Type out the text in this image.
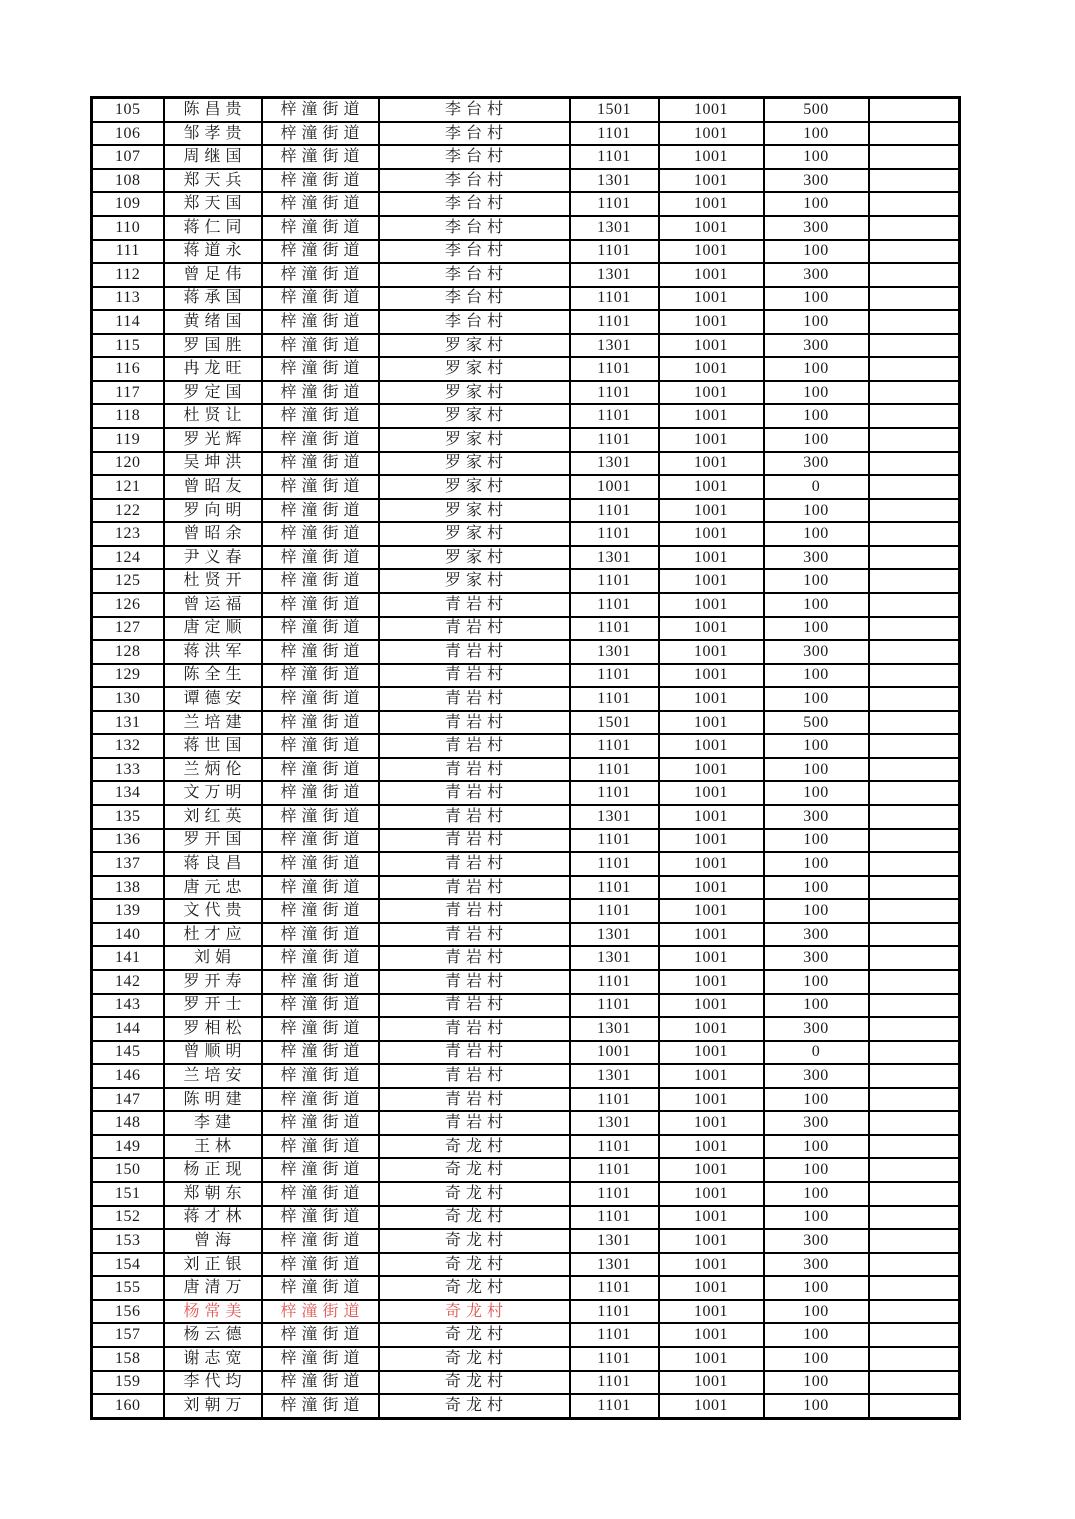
105	陈昌贵	梓潼街道	李台村	1501	1001	500	
106	邹孝贵	梓潼街道	李台村	1101	1001	100	
107	周继国	梓潼街道	李台村	1101	1001	100	
108	郑天兵	梓潼街道	李台村	1301	1001	300	
109	郑天国	梓潼街道	李台村	1101	1001	100	
110	蒋仁同	梓潼街道	李台村	1301	1001	300	
111	蒋道永	梓潼街道	李台村	1101	1001	100	
112	曾足伟	梓潼街道	李台村	1301	1001	300	
113	蒋承国	梓潼街道	李台村	1101	1001	100	
114	黄绪国	梓潼街道	李台村	1101	1001	100	
115	罗国胜	梓潼街道	罗家村	1301	1001	300	
116	冉龙旺	梓潼街道	罗家村	1101	1001	100	
117	罗定国	梓潼街道	罗家村	1101	1001	100	
118	杜贤让	梓潼街道	罗家村	1101	1001	100	
119	罗光辉	梓潼街道	罗家村	1101	1001	100	
120	吴坤洪	梓潼街道	罗家村	1301	1001	300	
121	曾昭友	梓潼街道	罗家村	1001	1001	0	
122	罗向明	梓潼街道	罗家村	1101	1001	100	
123	曾昭余	梓潼街道	罗家村	1101	1001	100	
124	尹义春	梓潼街道	罗家村	1301	1001	300	
125	杜贤开	梓潼街道	罗家村	1101	1001	100	
126	曾运福	梓潼街道	青岩村	1101	1001	100	
127	唐定顺	梓潼街道	青岩村	1101	1001	100	
128	蒋洪军	梓潼街道	青岩村	1301	1001	300	
129	陈全生	梓潼街道	青岩村	1101	1001	100	
130	谭德安	梓潼街道	青岩村	1101	1001	100	
131	兰培建	梓潼街道	青岩村	1501	1001	500	
132	蒋世国	梓潼街道	青岩村	1101	1001	100	
133	兰炳伦	梓潼街道	青岩村	1101	1001	100	
134	文万明	梓潼街道	青岩村	1101	1001	100	
135	刘红英	梓潼街道	青岩村	1301	1001	300	
136	罗开国	梓潼街道	青岩村	1101	1001	100	
137	蒋良昌	梓潼街道	青岩村	1101	1001	100	
138	唐元忠	梓潼街道	青岩村	1101	1001	100	
139	文代贵	梓潼街道	青岩村	1101	1001	100	
140	杜才应	梓潼街道	青岩村	1301	1001	300	
141	刘娟	梓潼街道	青岩村	1301	1001	300	
142	罗开寿	梓潼街道	青岩村	1101	1001	100	
143	罗开士	梓潼街道	青岩村	1101	1001	100	
144	罗相松	梓潼街道	青岩村	1301	1001	300	
145	曾顺明	梓潼街道	青岩村	1001	1001	0	
146	兰培安	梓潼街道	青岩村	1301	1001	300	
147	陈明建	梓潼街道	青岩村	1101	1001	100	
148	李建	梓潼街道	青岩村	1301	1001	300	
149	王林	梓潼街道	奇龙村	1101	1001	100	
150	杨正现	梓潼街道	奇龙村	1101	1001	100	
151	郑朝东	梓潼街道	奇龙村	1101	1001	100	
152	蒋才林	梓潼街道	奇龙村	1101	1001	100	
153	曾海	梓潼街道	奇龙村	1301	1001	300	
154	刘正银	梓潼街道	奇龙村	1301	1001	300	
155	唐清万	梓潼街道	奇龙村	1101	1001	100	
156	杨常美	梓潼街道	奇龙村	1101	1001	100	
157	杨云德	梓潼街道	奇龙村	1101	1001	100	
158	谢志宽	梓潼街道	奇龙村	1101	1001	100	
159	李代均	梓潼街道	奇龙村	1101	1001	100	
160	刘朝万	梓潼街道	奇龙村	1101	1001	100	
